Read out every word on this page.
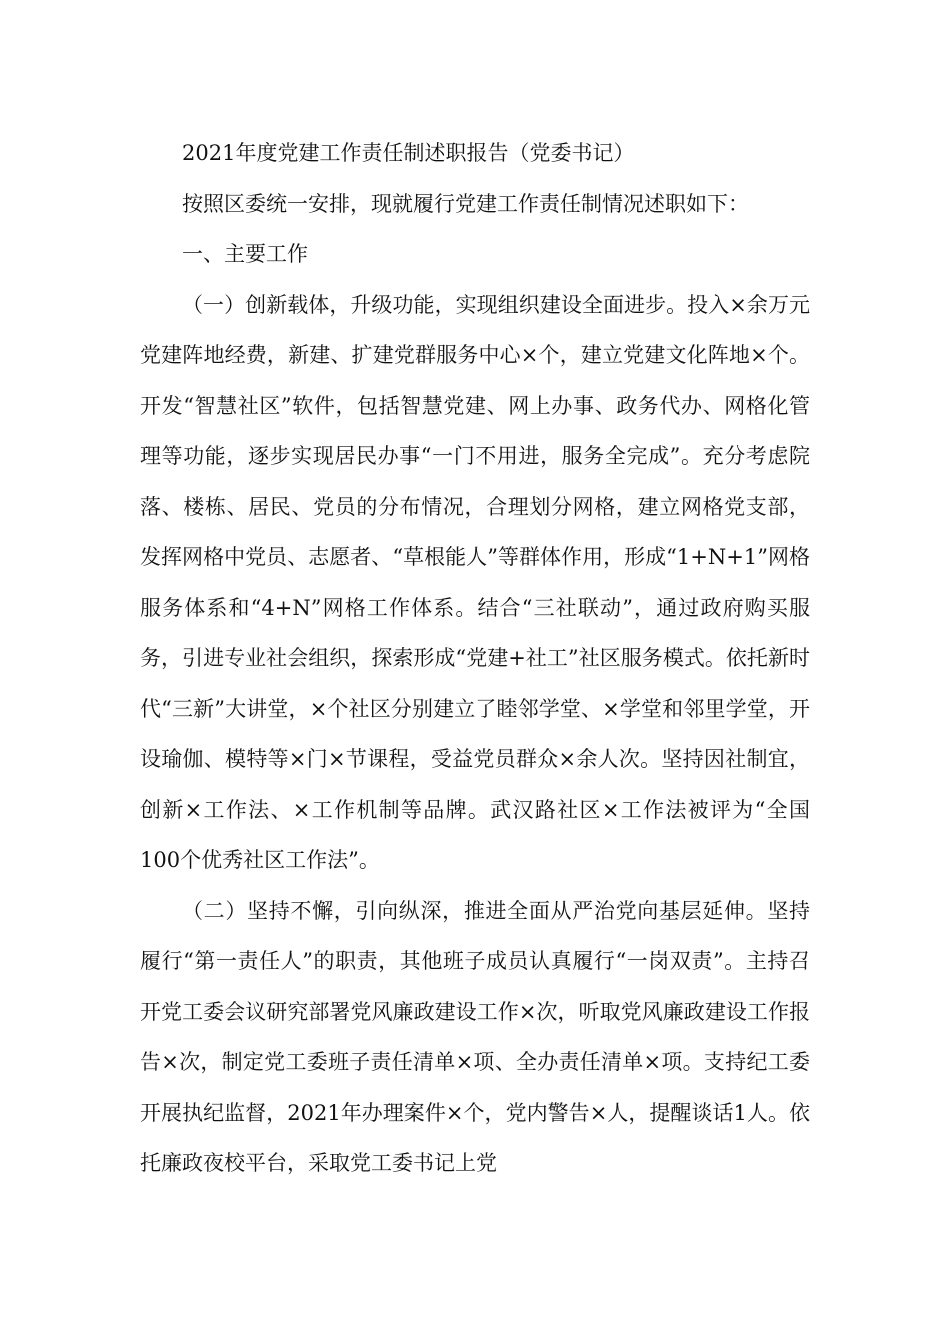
2021年度党建工作责任制述职报告（党委书记）

按照区委统一安排，现就履行党建工作责任制情况述职如下：

一、主要工作

（一）创新载体，升级功能，实现组织建设全面进步。投入×余万元党建阵地经费，新建、扩建党群服务中心×个，建立党建文化阵地×个。开发“智慧社区”软件，包括智慧党建、网上办事、政务代办、网格化管理等功能，逐步实现居民办事“一门不用进，服务全完成”。充分考虑院落、楼栋、居民、党员的分布情况，合理划分网格，建立网格党支部，发挥网格中党员、志愿者、“草根能人”等群体作用，形成“1+N+1”网格服务体系和“4+N”网格工作体系。结合“三社联动”，通过政府购买服务，引进专业社会组织，探索形成“党建+社工”社区服务模式。依托新时代“三新”大讲堂，×个社区分别建立了睦邻学堂、×学堂和邻里学堂，开设瑜伽、模特等×门×节课程，受益党员群众×余人次。坚持因社制宜，创新×工作法、×工作机制等品牌。武汉路社区×工作法被评为“全国100个优秀社区工作法”。

（二）坚持不懈，引向纵深，推进全面从严治党向基层延伸。坚持履行“第一责任人”的职责，其他班子成员认真履行“一岗双责”。主持召开党工委会议研究部署党风廉政建设工作×次，听取党风廉政建设工作报告×次，制定党工委班子责任清单×项、全办责任清单×项。支持纪工委开展执纪监督，2021年办理案件×个，党内警告×人，提醒谈话1人。依托廉政夜校平台，采取党工委书记上党
